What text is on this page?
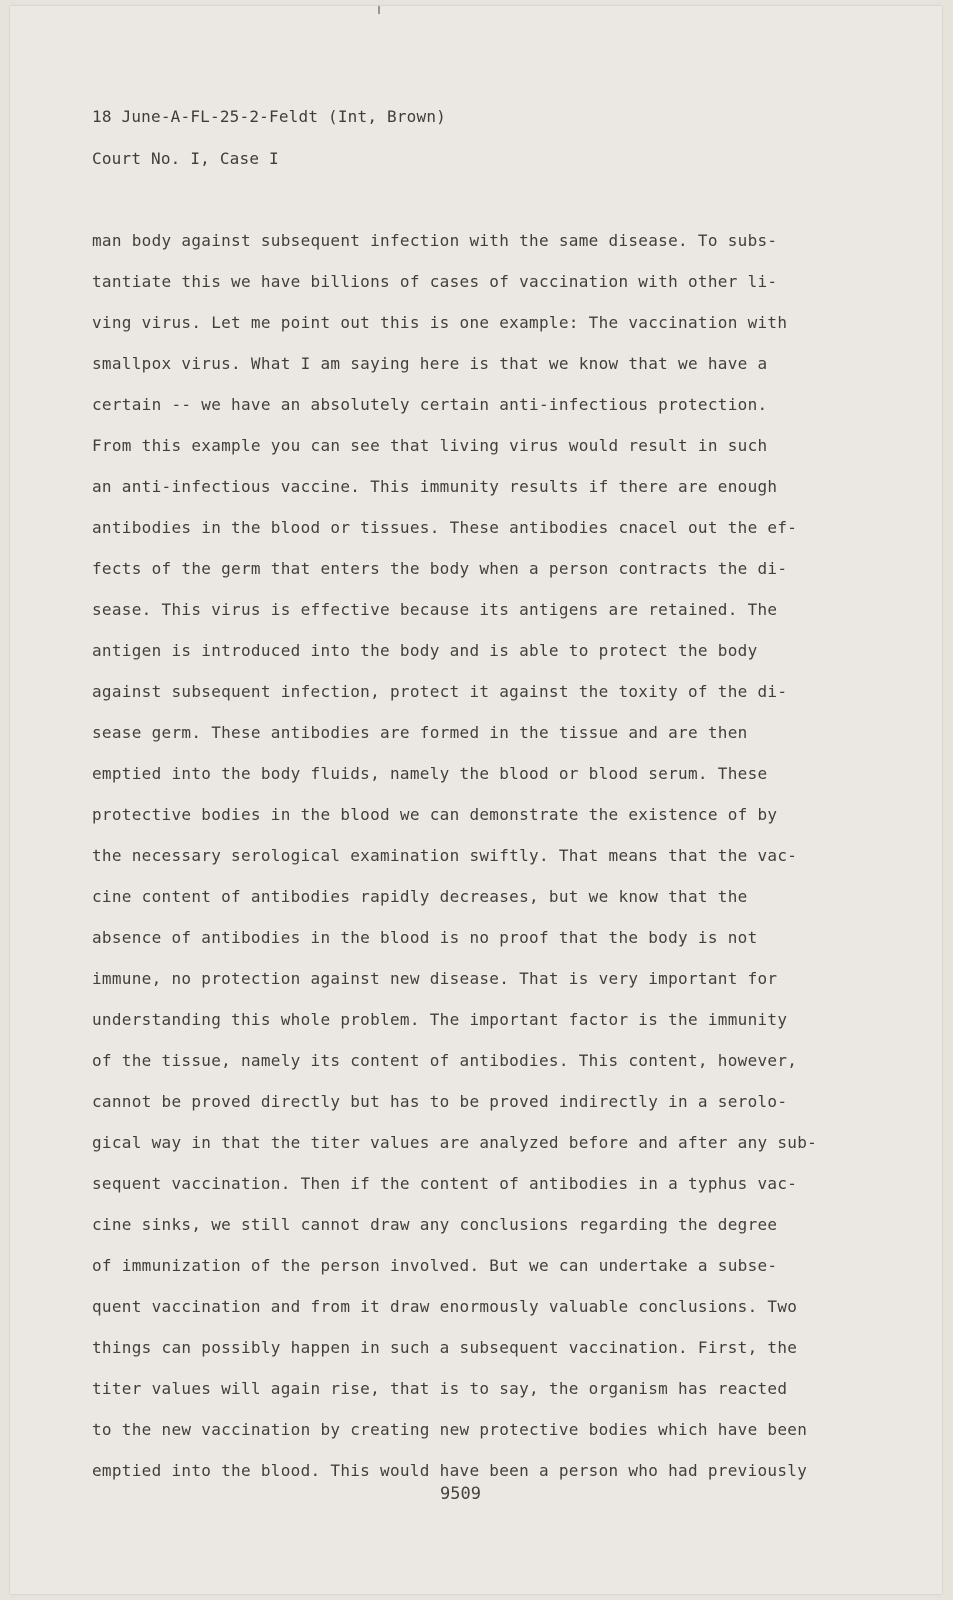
18 June-A-FL-25-2-Feldt (Int, Brown)
Court No. I, Case I
man body against subsequent infection with the same disease. To subs-
tantiate this we have billions of cases of vaccination with other li-
ving virus. Let me point out this is one example: The vaccination with
smallpox virus. What I am saying here is that we know that we have a
certain -- we have an absolutely certain anti-infectious protection.
From this example you can see that living virus would result in such
an anti-infectious vaccine. This immunity results if there are enough
antibodies in the blood or tissues. These antibodies cnacel out the ef-
fects of the germ that enters the body when a person contracts the di-
sease. This virus is effective because its antigens are retained. The
antigen is introduced into the body and is able to protect the body
against subsequent infection, protect it against the toxity of the di-
sease germ. These antibodies are formed in the tissue and are then
emptied into the body fluids, namely the blood or blood serum. These
protective bodies in the blood we can demonstrate the existence of by
the necessary serological examination swiftly. That means that the vac-
cine content of antibodies rapidly decreases, but we know that the
absence of antibodies in the blood is no proof that the body is not
immune, no protection against new disease. That is very important for
understanding this whole problem. The important factor is the immunity
of the tissue, namely its content of antibodies. This content, however,
cannot be proved directly but has to be proved indirectly in a serolo-
gical way in that the titer values are analyzed before and after any sub-
sequent vaccination. Then if the content of antibodies in a typhus vac-
cine sinks, we still cannot draw any conclusions regarding the degree
of immunization of the person involved. But we can undertake a subse-
quent vaccination and from it draw enormously valuable conclusions. Two
things can possibly happen in such a subsequent vaccination. First, the
titer values will again rise, that is to say, the organism has reacted
to the new vaccination by creating new protective bodies which have been
emptied into the blood. This would have been a person who had previously
9509
